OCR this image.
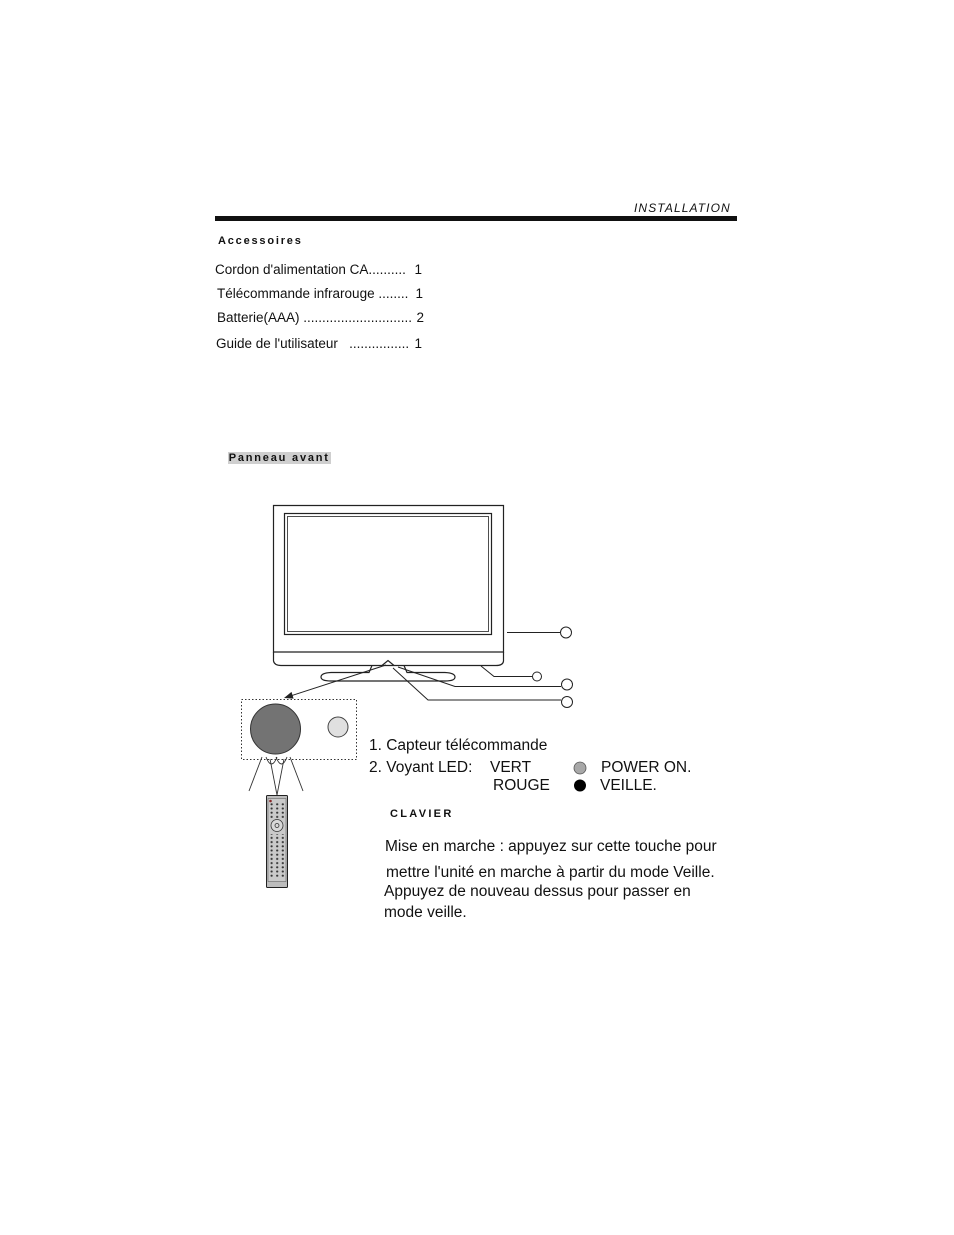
INSTALLATION
Accessoires
Cordon d'alimentation CA .......... 1
Télécommande infrarouge ........ 1
Batterie(AAA) ............................. 2
Guide de l'utilisateur ................ 1

Panneau avant

1. Capteur télécommande
2. Voyant LED: VERT	POWER ON.
ROUGE	VEILLE.
CLAVIER
Mise en marche : appuyez sur cette touche pour
mettre l'unité en marche à partir du mode Veille.
Appuyez de nouveau dessus pour passer en
mode veille.
